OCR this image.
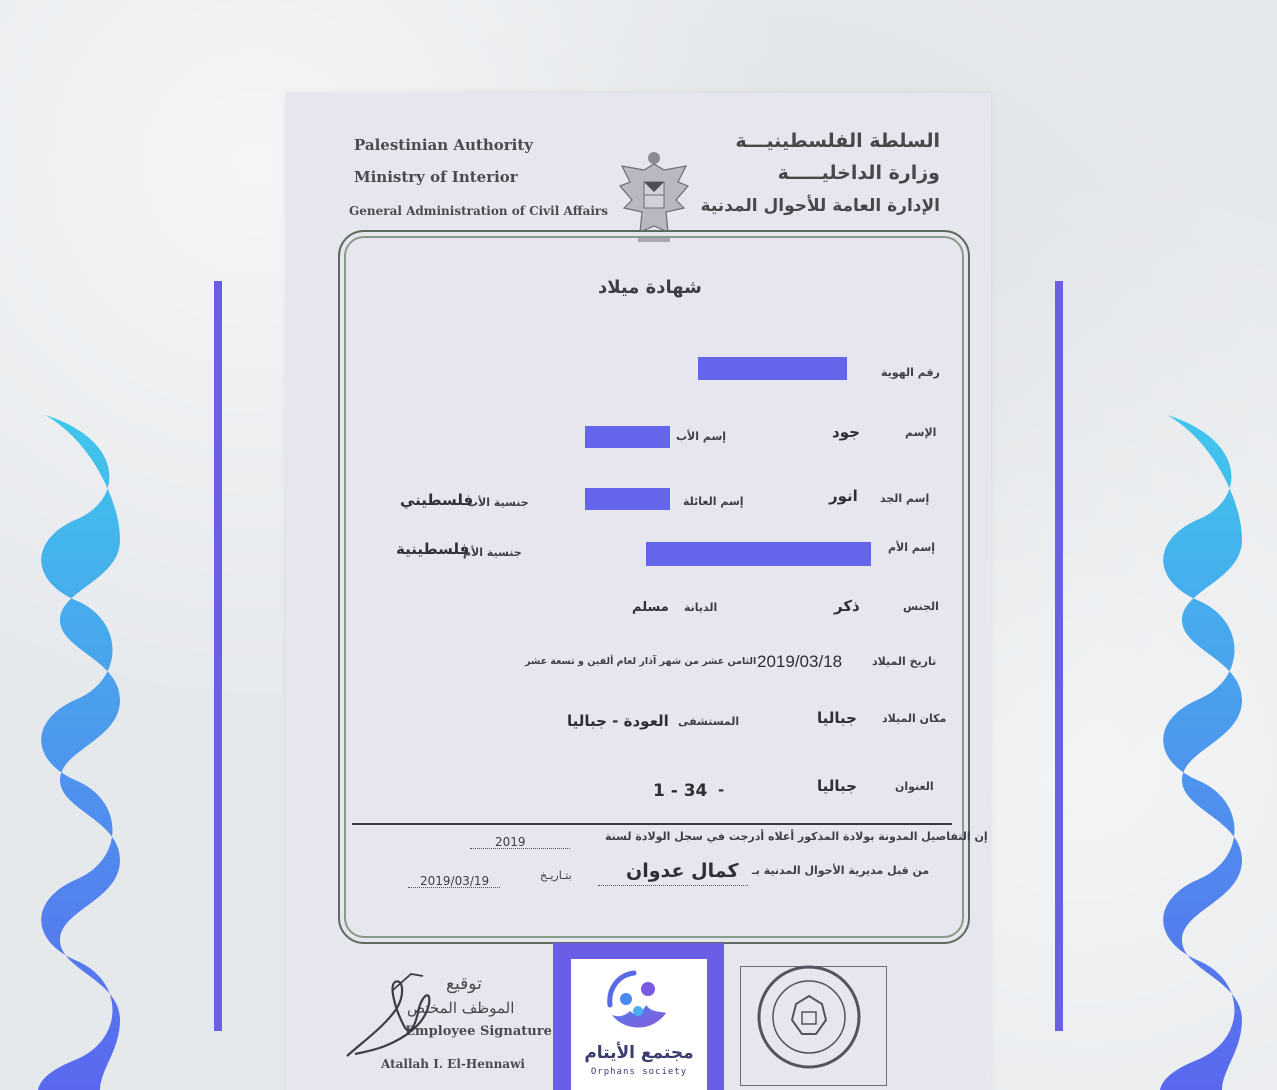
Palestinian Authority
Ministry of Interior
General Administration of Civil Affairs
السلطة الفلسطينيـــة
وزارة الداخليـــــة
الإدارة العامة للأحوال المدنية
شهادة ميلاد
رقم الهوية
الإسم
جود
إسم الأب
إسم الجد
انور
إسم العائلة
جنسية الأب
فلسطيني
إسم الأم
جنسية الأم
فلسطينية
الجنس
ذكر
الديانة
مسلم
تاريخ الميلاد
2019/03/18
الثامن عشر من شهر آذار لعام ألفين و تسعة عشر
مكان الميلاد
جباليا
المستشفى
العودة - جباليا
العنوان
جباليا
-
1 - 34
إن التفاصيل المدونة بولادة المذكور أعلاه أدرجت في سجل الولادة لسنة
2019
من قبل مديرية الأحوال المدنية بـ
كمال عدوان
بتـاريـخ
2019/03/19
توقيع
الموظف المختص
Employee Signature
Atallah I. El-Hennawi
مجتمع الأيتام
Orphans society
